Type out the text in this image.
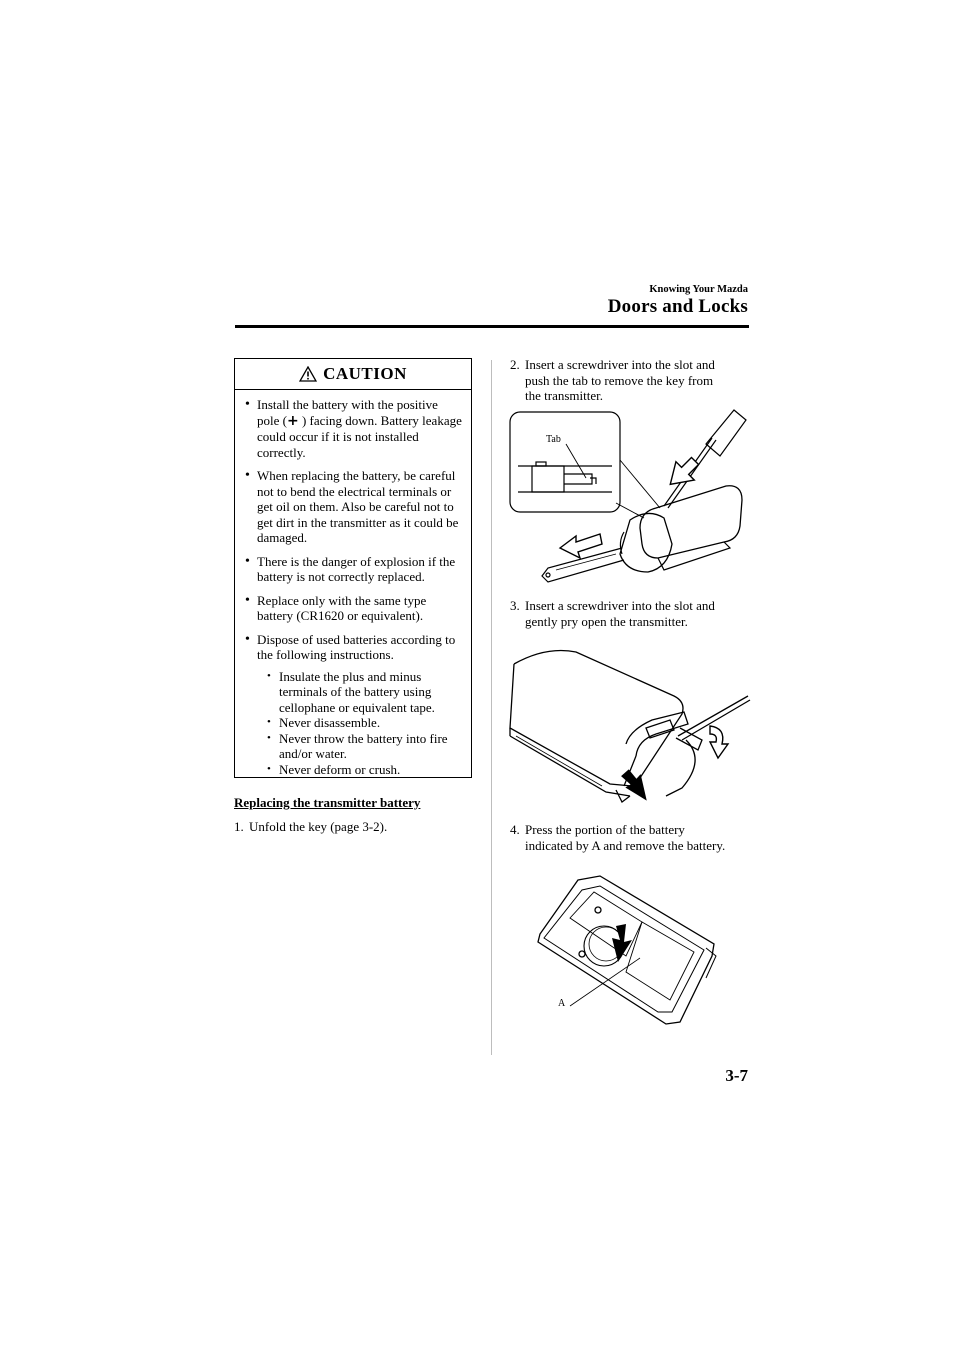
Knowing Your Mazda
Doors and Locks
CAUTION
• Install the battery with the positive pole (+ ) facing down. Battery leakage could occur if it is not installed correctly.
• When replacing the battery, be careful not to bend the electrical terminals or get oil on them. Also be careful not to get dirt in the transmitter as it could be damaged.
• There is the danger of explosion if the battery is not correctly replaced.
• Replace only with the same type battery (CR1620 or equivalent).
• Dispose of used batteries according to the following instructions.
• Insulate the plus and minus terminals of the battery using cellophane or equivalent tape.
• Never disassemble.
• Never throw the battery into fire and/or water.
• Never deform or crush.
Replacing the transmitter battery
1. Unfold the key (page 3-2).
2. Insert a screwdriver into the slot and
push the tab to remove the key from
the transmitter.
Tab
3. Insert a screwdriver into the slot and
gently pry open the transmitter.
4. Press the portion of the battery
indicated by A and remove the battery.
A
3-7
